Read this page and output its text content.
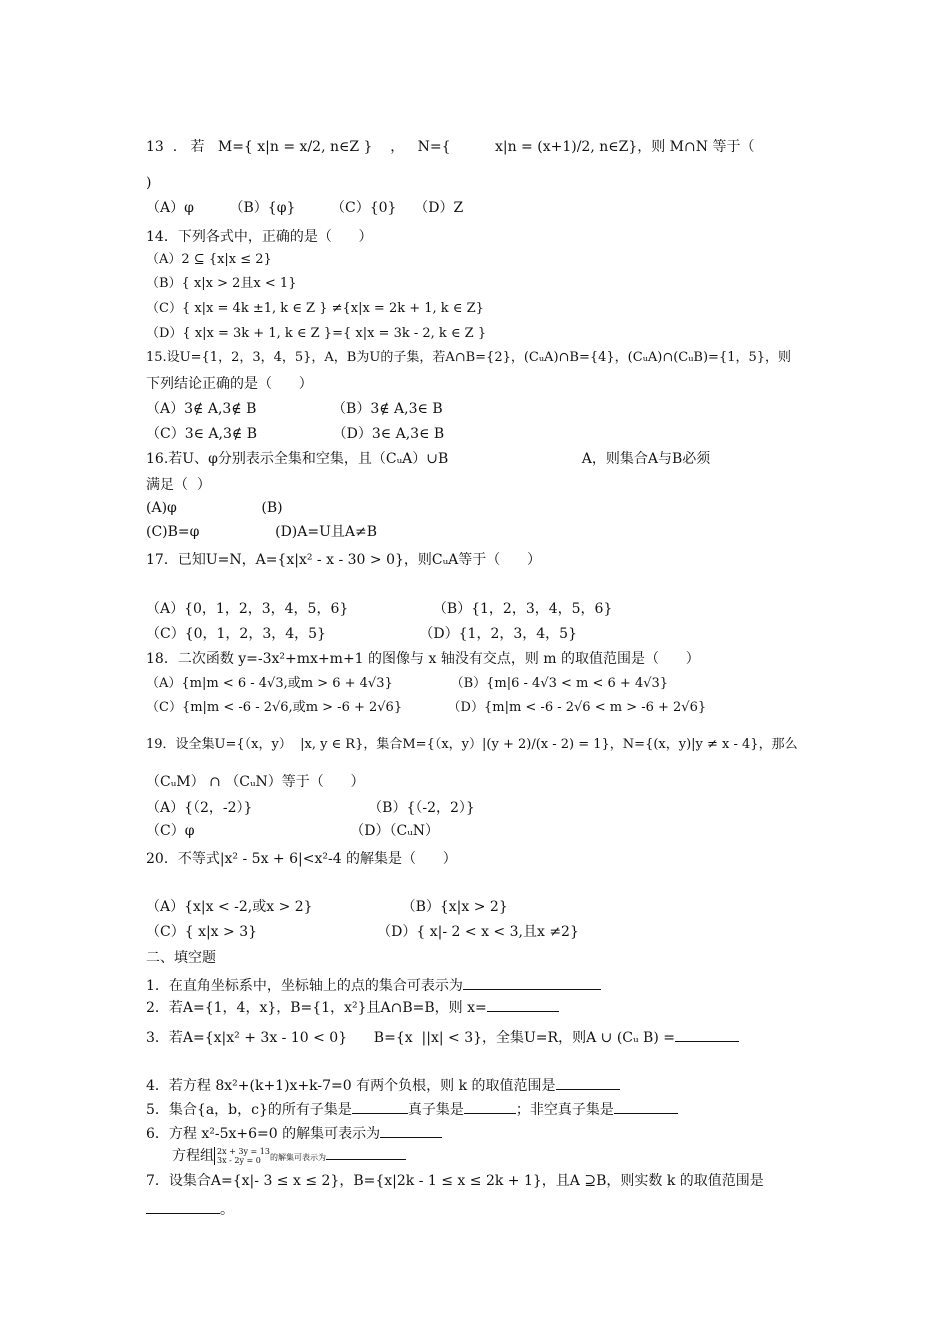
13  .   若   M={ x|n = x/2, n∈Z }    ，   N={          x|n = (x+1)/2, n∈Z}，则 M∩N 等于（
)
（A）φ        （B）{φ}        （C）{0}    （D）Z
14．下列各式中，正确的是（      ）
（A）2 ⊆ {x|x ≤ 2}
（B）{ x|x > 2且x < 1}
（C）{ x|x = 4k ±1, k ∈ Z } ≠{x|x = 2k + 1, k ∈ Z}
（D）{ x|x = 3k + 1, k ∈ Z }={ x|x = 3k - 2, k ∈ Z }
15.设U={1，2，3，4，5}，A，B为U的子集，若A∩B={2}，(CᵤA)∩B={4}，(CᵤA)∩(CᵤB)={1，5}，则
下列结论正确的是（      ）
（A）3∉ A,3∉ B                 （B）3∉ A,3∈ B
（C）3∈ A,3∉ B                 （D）3∈ A,3∈ B
16.若U、φ分别表示全集和空集，且（CᵤA）∪B                              A，则集合A与B必须
满足（  ）
(A)φ                   (B)
(C)B=φ                 (D)A=U且A≠B
17．已知U=N，A={x|x² - x - 30 > 0}，则CᵤA等于（      ）
（A）{0，1，2，3，4，5，6}                   （B）{1，2，3，4，5，6}
（C）{0，1，2，3，4，5}                     （D）{1，2，3，4，5}
18．二次函数 y=-3x²+mx+m+1 的图像与 x 轴没有交点，则 m 的取值范围是（      ）
（A）{m|m < 6 - 4√3,或m > 6 + 4√3}              （B）{m|6 - 4√3 < m < 6 + 4√3}
（C）{m|m < -6 - 2√6,或m > -6 + 2√6}           （D）{m|m < -6 - 2√6 < m > -6 + 2√6}
19．设全集U={（x，y）  |x, y ∈ R}，集合M={（x，y）|(y + 2)/(x - 2) = 1}，N={(x，y)|y ≠ x - 4}，那么
（CᵤM） ∩ （CᵤN）等于（      ）
（A）{（2，-2）}                          （B）{（-2，2）}
（C）φ                                   （D）（CᵤN）
20．不等式|x² - 5x + 6|<x²-4 的解集是（      ）
（A）{x|x < -2,或x > 2}                    （B）{x|x > 2}
（C）{ x|x > 3}                           （D）{ x|- 2 < x < 3,且x ≠2}
二、填空题
1．在直角坐标系中，坐标轴上的点的集合可表示为
2．若A={1，4，x}，B={1，x²}且A∩B=B，则 x=
3．若A={x|x² + 3x - 10 < 0}      B={x  ||x| < 3}，全集U=R，则A ∪ (Cᵤ B) =
4．若方程 8x²+(k+1)x+k-7=0 有两个负根，则 k 的取值范围是
5．集合{a，b，c}的所有子集是	真子集是	；非空真子集是
6．方程 x²-5x+6=0 的解集可表示为
方程组 2x + 3y = 13
3x - 2y = 0	的解集可表示为
7．设集合A={x|- 3 ≤ x ≤ 2}，B={x|2k - 1 ≤ x ≤ 2k + 1}，且A ⊇B，则实数 k 的取值范围是
。
